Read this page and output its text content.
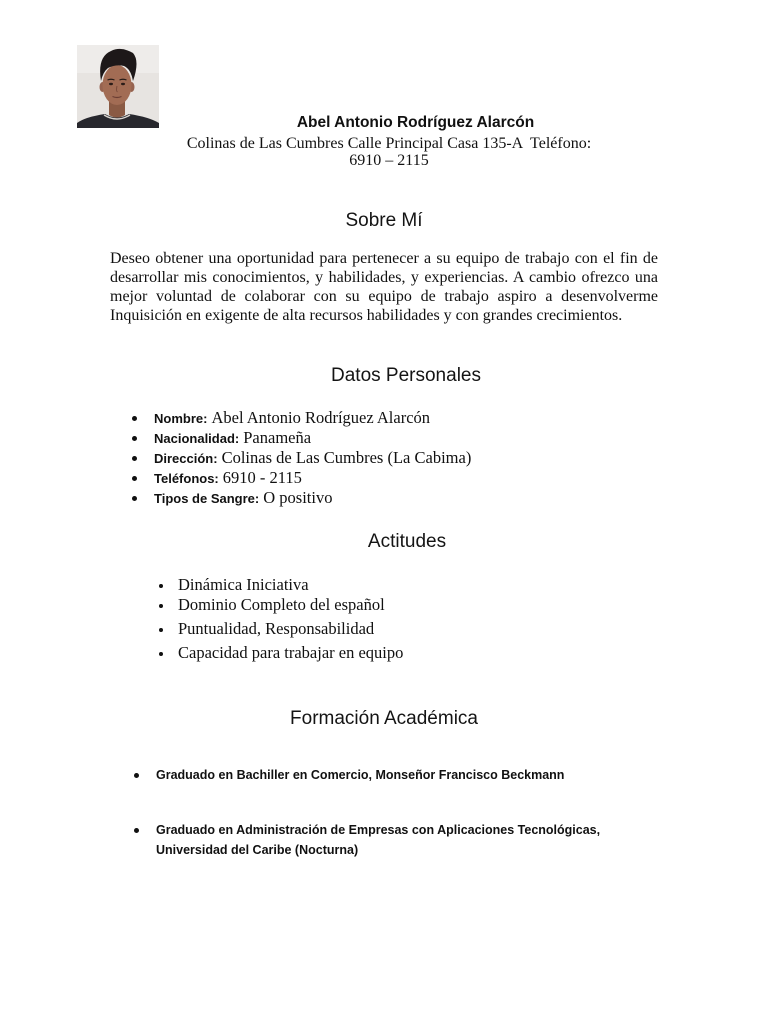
Abel Antonio Rodríguez Alarcón
Colinas de Las Cumbres Calle Principal Casa 135-A  Teléfono:
6910 – 2115
Sobre Mí
Deseo obtener una oportunidad para pertenecer a su equipo de trabajo con el fin de
desarrollar mis conocimientos, y habilidades, y experiencias. A cambio ofrezco una
mejor voluntad de colaborar con su equipo de trabajo aspiro a desenvolverme
Inquisición en exigente de alta recursos habilidades y con grandes crecimientos.
Datos Personales
Nombre: Abel Antonio Rodríguez Alarcón
Nacionalidad: Panameña
Dirección: Colinas de Las Cumbres (La Cabima)
Teléfonos: 6910 - 2115
Tipos de Sangre: O positivo
Actitudes
Dinámica Iniciativa
Dominio Completo del español
Puntualidad, Responsabilidad
Capacidad para trabajar en equipo
Formación Académica
Graduado en Bachiller en Comercio, Monseñor Francisco Beckmann
Graduado en Administración de Empresas con Aplicaciones Tecnológicas,
Universidad del Caribe (Nocturna)
